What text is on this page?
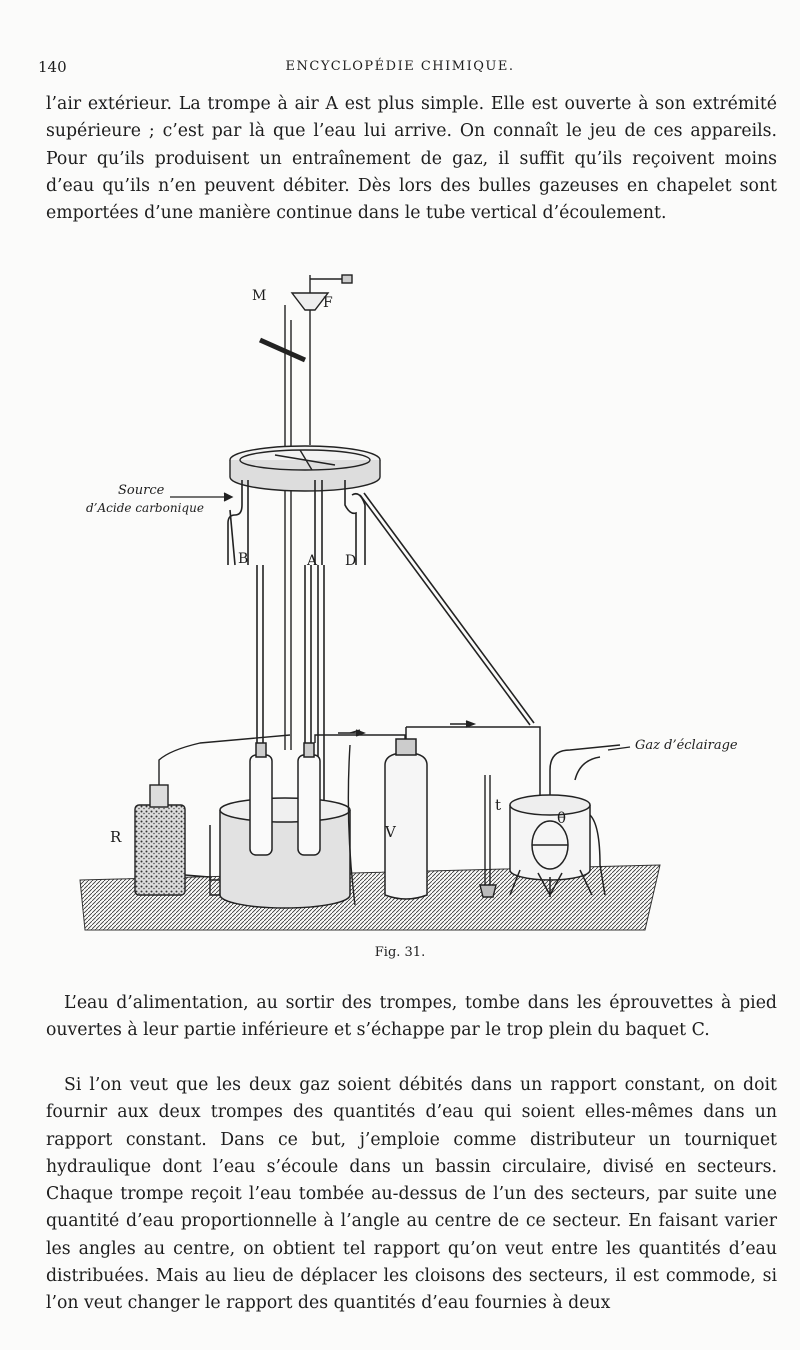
140	ENCYCLOPÉDIE CHIMIQUE.

l’air extérieur. La trompe à air A est plus simple. Elle est ouverte à son extrémité supérieure ; c’est par là que l’eau lui arrive. On connaît le jeu de ces appareils. Pour qu’ils produisent un entraînement de gaz, il suffit qu’ils reçoivent moins d’eau qu’ils n’en peuvent débiter. Dès lors des bulles gazeuses en chapelet sont emportées d’une manière continue dans le tube vertical d’écoulement.

M	F
Source
d’Acide carbonique
B	A D
R	V
t
θ
Gaz d’éclairage
Fig. 31.

L’eau d’alimentation, au sortir des trompes, tombe dans les éprouvettes à pied ouvertes à leur partie inférieure et s’échappe par le trop plein du baquet C.

Si l’on veut que les deux gaz soient débités dans un rapport constant, on doit fournir aux deux trompes des quantités d’eau qui soient elles-mêmes dans un rapport constant. Dans ce but, j’emploie comme distributeur un tourniquet hydraulique dont l’eau s’écoule dans un bassin circulaire, divisé en secteurs. Chaque trompe reçoit l’eau tombée au-dessus de l’un des secteurs, par suite une quantité d’eau proportionnelle à l’angle au centre de ce secteur. En faisant varier les angles au centre, on obtient tel rapport qu’on veut entre les quantités d’eau distribuées. Mais au lieu de déplacer les cloisons des secteurs, il est commode, si l’on veut changer le rapport des quantités d’eau fournies à deux
